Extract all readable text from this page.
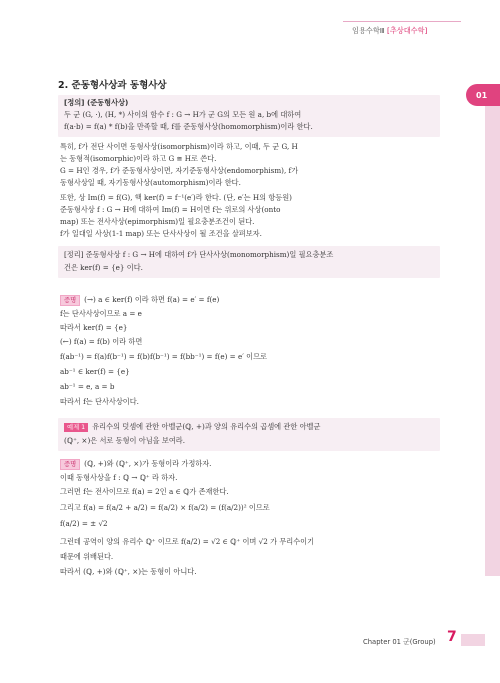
임용수학Ⅲ [추상대수학]
01
2. 준동형사상과 동형사상
[정의] (준동형사상)
두 군 (G, ·), (H, *) 사이의 함수 f : G → H가 군 G의 모든 원 a, b에 대하여
f(a·b) = f(a) * f(b)을 만족할 때, f를 준동형사상(homomorphism)이라 한다.
특히, f가 전단 사이면 동형사상(isomorphism)이라 하고, 이때, 두 군 G, H
는 동형적(isomorphic)이라 하고 G ≅ H로 쓴다.
G = H인 경우, f가 준동형사상이면, 자기준동형사상(endomorphism), f가
동형사상일 때, 자기동형사상(automorphism)이라 한다.
또한, 상 Im(f) = f(G), 핵 ker(f) = f⁻¹(e′)라 한다. (단, e′는 H의 항등원)
준동형사상 f : G → H에 대하여 Im(f) = H이면 f는 위로의 사상(onto
map) 또는 전사사상(epimorphism)일 필요충분조건이 된다.
f가 일대일 사상(1-1 map) 또는 단사사상이 될 조건을 살펴보자.
[정리] 준동형사상 f : G → H에 대하여 f가 단사사상(monomorphism)일 필요충분조
건은 ker(f) = {e} 이다.
증명 (→) a ∈ ker(f) 이라 하면 f(a) = e′ = f(e)
f는 단사사상이므로 a = e
따라서 ker(f) = {e}
(←) f(a) = f(b) 이라 하면
f(ab⁻¹) = f(a)f(b⁻¹) = f(b)f(b⁻¹) = f(bb⁻¹) = f(e) = e′ 이므로
ab⁻¹ ∈ ker(f) = {e}
ab⁻¹ = e, a = b
따라서 f는 단사사상이다.
예제 1 유리수의 덧셈에 관한 아벨군(ℚ, +)과 양의 유리수의 곱셈에 관한 아벨군
(ℚ⁺, ×)은 서로 동형이 아님을 보여라.
증명 (ℚ, +)와 (ℚ⁺, ×)가 동형이라 가정하자.
이때 동형사상을 f : ℚ → ℚ⁺ 라 하자.
그러면 f는 전사이므로 f(a) = 2인 a ∈ ℚ가 존재한다.
그리고 f(a) = f(a/2 + a/2) = f(a/2) × f(a/2) = (f(a/2))² 이므로
f(a/2) = ± √2
그런데 공역이 양의 유리수 ℚ⁺ 이므로 f(a/2) = √2 ∈ ℚ⁺ 이며 √2 가 무리수이기
때문에 위배된다.
따라서 (ℚ, +)와 (ℚ⁺, ×)는 동형이 아니다.
Chapter 01 군(Group) 7
